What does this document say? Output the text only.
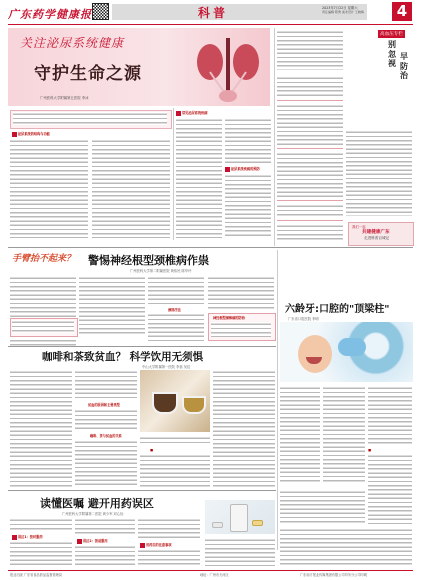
广东药学健康报	科普	2023年7月22日 星期六
责任编辑 陈勇 美术设计 王晓梅	4
关注泌尿系统健康
守护生命之源
广州医科大学附属第五医院 李冰
泌尿系统的结构与功能
常见泌尿系统疾病
泌尿系统疾病的预防
高血压专栏
别忽视
早防治
我们一起
共建健康广东
走进科普百城记
手臂抬不起来？ 警惕神经根型颈椎病作祟
广州医科大学第二附属医院 黄伟民 陈华玲
颈部疗法
神经根型颈椎病的防治
六龄牙:口腔的"顶梁柱"
广东省口腔医院 李明
■
咖啡和茶致贫血？ 科学饮用无须惧
中山大学附属第一医院 李蓓 吴佳
贫血的原因和主要类型
咖啡、茶与贫血的关系
■
读懂医嘱 避开用药误区
广州医科大学附属第二医院 黄少军 邓心怡
误区1：按时服药
误区2：饭前服用
用药后的注意事项
报业出版 广东省食品药品监督管理局	地址：广州市天河区	广东南方报业传媒集团有限公司印务分公司印刷
